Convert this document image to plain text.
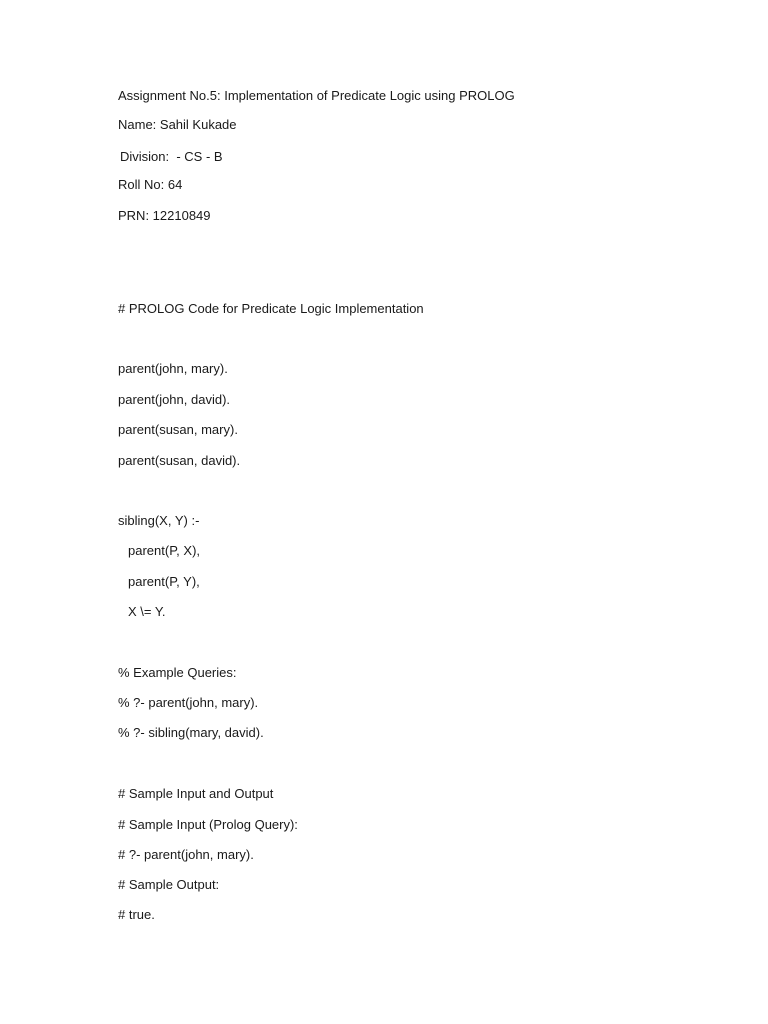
Assignment No.5: Implementation of Predicate Logic using PROLOG
Name: Sahil Kukade
Division:  - CS - B
Roll No: 64
PRN: 12210849
# PROLOG Code for Predicate Logic Implementation
parent(john, mary).
parent(john, david).
parent(susan, mary).
parent(susan, david).
sibling(X, Y) :-
parent(P, X),
parent(P, Y),
X \= Y.
% Example Queries:
% ?- parent(john, mary).
% ?- sibling(mary, david).
# Sample Input and Output
# Sample Input (Prolog Query):
# ?- parent(john, mary).
# Sample Output:
# true.
